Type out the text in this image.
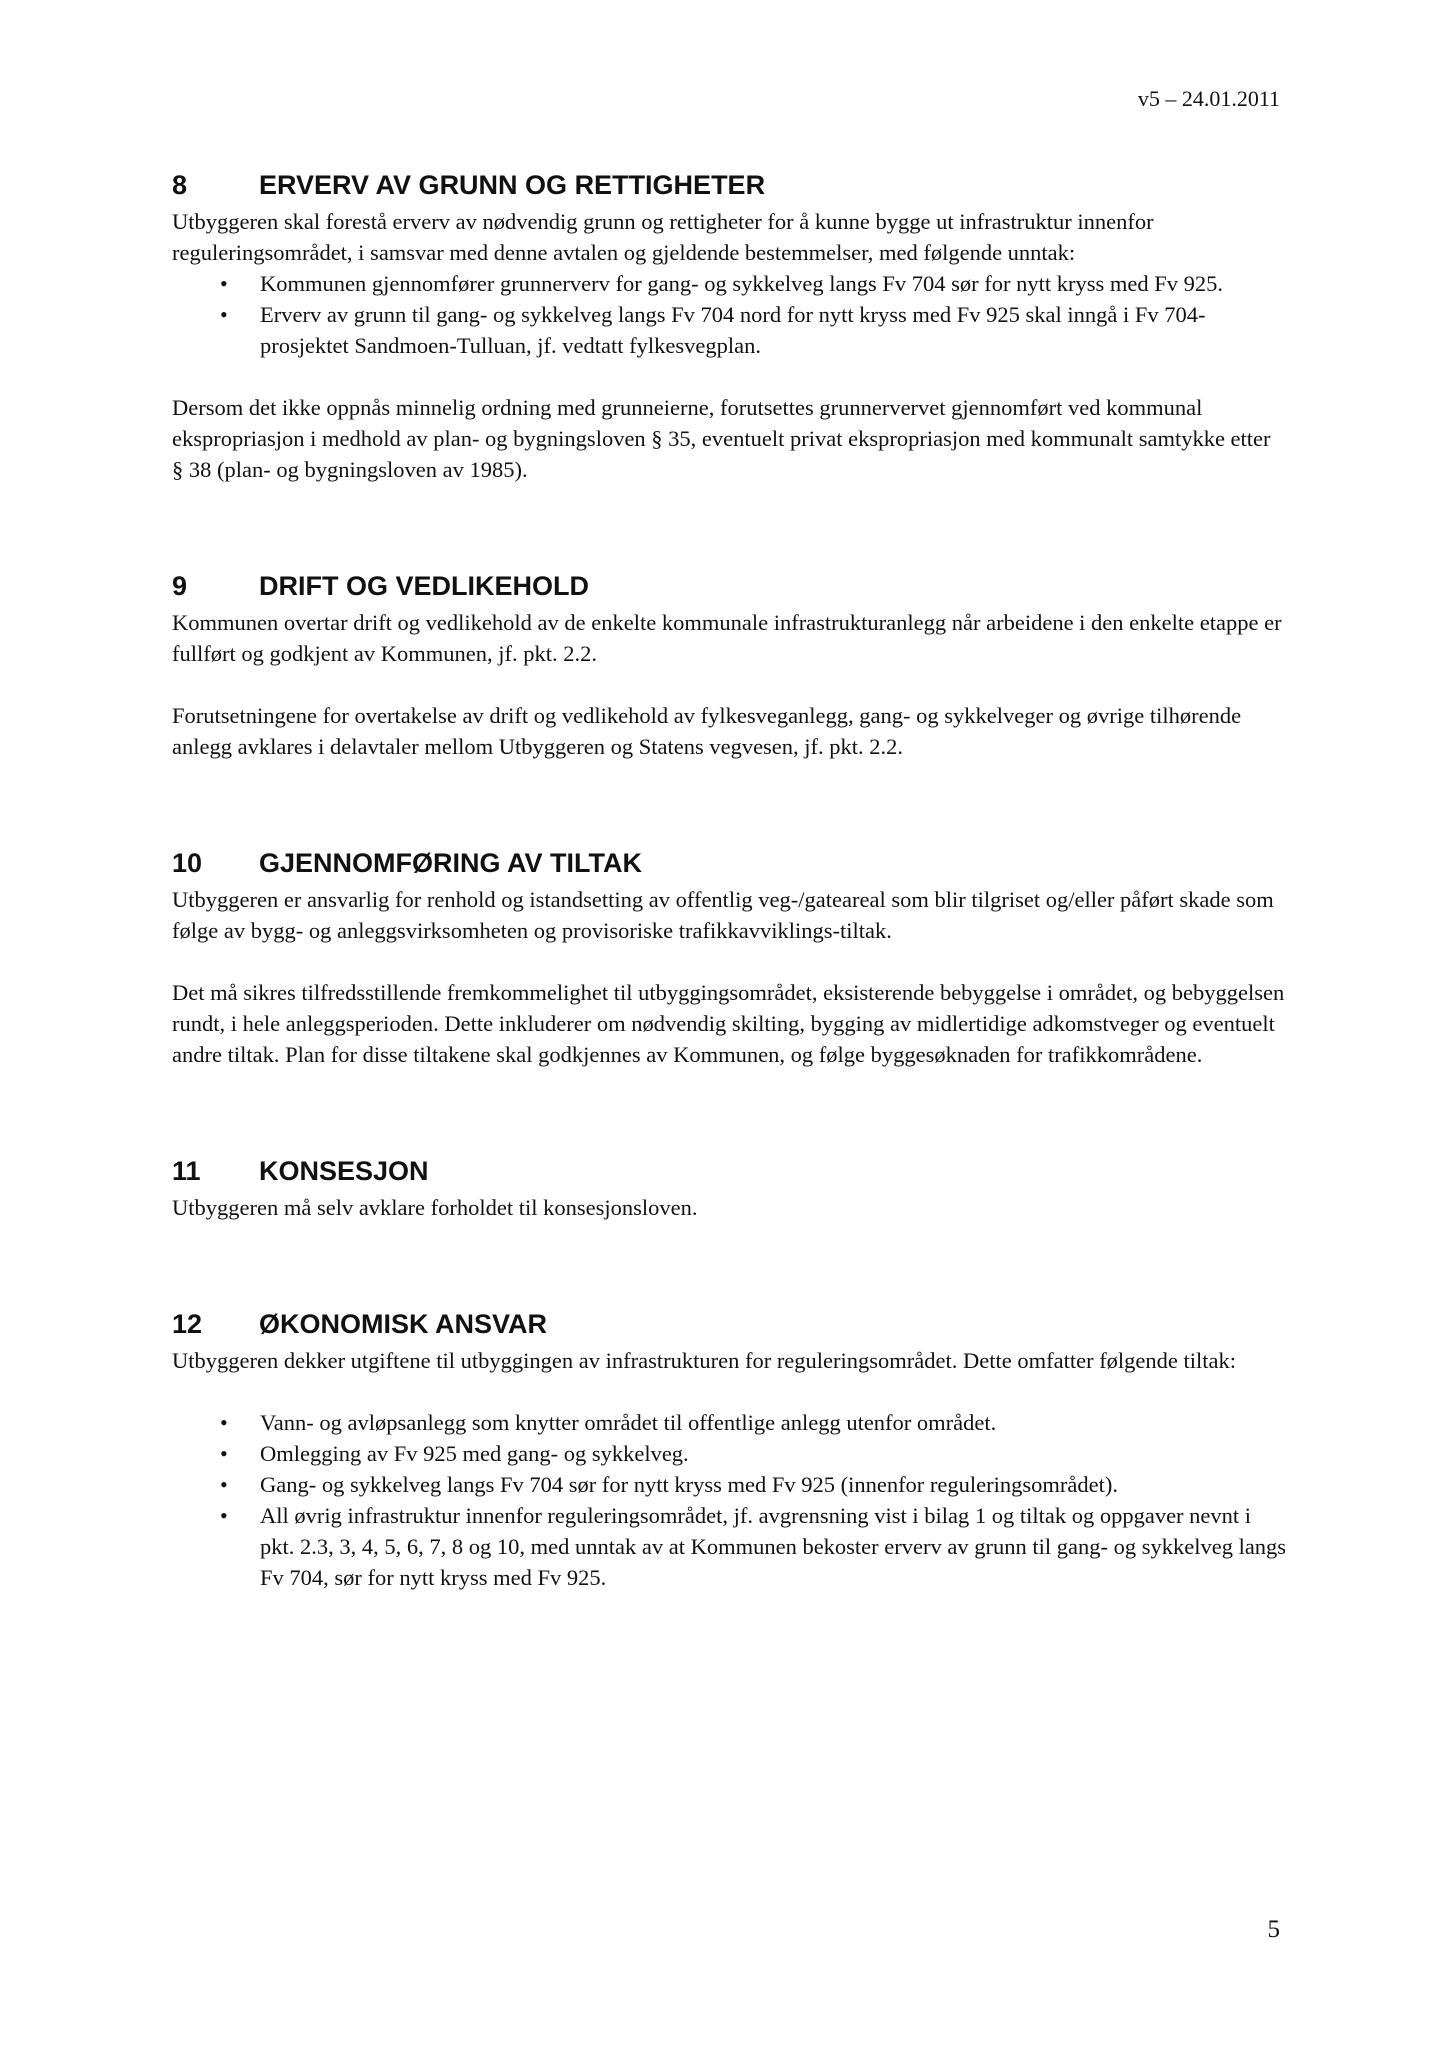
v5 – 24.01.2011
8	ERVERV AV GRUNN OG RETTIGHETER

Utbyggeren skal forestå erverv av nødvendig grunn og rettigheter for å kunne bygge ut infrastruktur innenfor reguleringsområdet, i samsvar med denne avtalen og gjeldende bestemmelser, med følgende unntak:

• Kommunen gjennomfører grunnerverv for gang- og sykkelveg langs Fv 704 sør for nytt kryss med Fv 925.
• Erverv av grunn til gang- og sykkelveg langs Fv 704 nord for nytt kryss med Fv 925 skal inngå i Fv 704-prosjektet Sandmoen-Tulluan, jf. vedtatt fylkesvegplan.

Dersom det ikke oppnås minnelig ordning med grunneierne, forutsettes grunnervervet gjennomført ved kommunal ekspropriasjon i medhold av plan- og bygningsloven § 35, eventuelt privat ekspropriasjon med kommunalt samtykke etter § 38 (plan- og bygningsloven av 1985).

9	DRIFT OG VEDLIKEHOLD

Kommunen overtar drift og vedlikehold av de enkelte kommunale infrastrukturanlegg når arbeidene i den enkelte etappe er fullført og godkjent av Kommunen, jf. pkt. 2.2.

Forutsetningene for overtakelse av drift og vedlikehold av fylkesveganlegg, gang- og sykkelveger og øvrige tilhørende anlegg avklares i delavtaler mellom Utbyggeren og Statens vegvesen, jf. pkt. 2.2.

10	GJENNOMFØRING AV TILTAK

Utbyggeren er ansvarlig for renhold og istandsetting av offentlig veg-/gateareal som blir tilgriset og/eller påført skade som følge av bygg- og anleggsvirksomheten og provisoriske trafikkavviklings-tiltak.

Det må sikres tilfredsstillende fremkommelighet til utbyggingsområdet, eksisterende bebyggelse i området, og bebyggelsen rundt, i hele anleggsperioden. Dette inkluderer om nødvendig skilting, bygging av midlertidige adkomstveger og eventuelt andre tiltak. Plan for disse tiltakene skal godkjennes av Kommunen, og følge byggesøknaden for trafikkområdene.

11	KONSESJON

Utbyggeren må selv avklare forholdet til konsesjonsloven.

12	ØKONOMISK ANSVAR

Utbyggeren dekker utgiftene til utbyggingen av infrastrukturen for reguleringsområdet. Dette omfatter følgende tiltak:

• Vann- og avløpsanlegg som knytter området til offentlige anlegg utenfor området.
• Omlegging av Fv 925 med gang- og sykkelveg.
• Gang- og sykkelveg langs Fv 704 sør for nytt kryss med Fv 925 (innenfor reguleringsområdet).
• All øvrig infrastruktur innenfor reguleringsområdet, jf. avgrensning vist i bilag 1 og tiltak og oppgaver nevnt i pkt. 2.3, 3, 4, 5, 6, 7, 8 og 10, med unntak av at Kommunen bekoster erverv av grunn til gang- og sykkelveg langs Fv 704, sør for nytt kryss med Fv 925.
5
